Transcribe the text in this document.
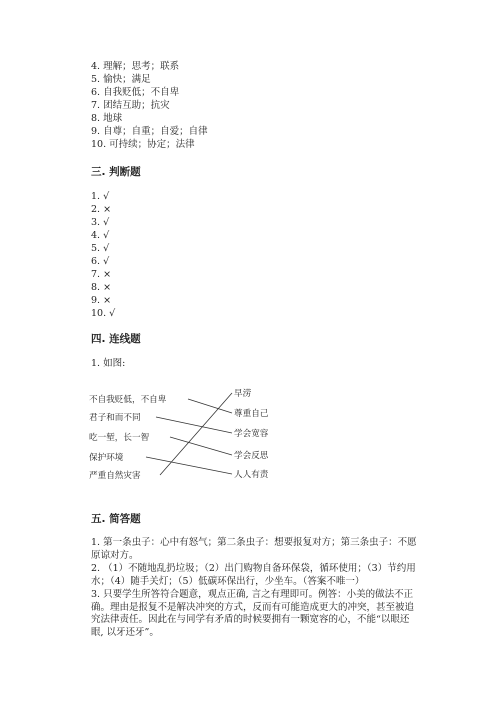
4. 理解；思考；联系
5. 愉快；满足
6. 自我贬低；不自卑
7. 团结互助；抗灾
8. 地球
9. 自尊；自重；自爱；自律
10. 可持续；协定；法律
三. 判断题
1. √
2. ×
3. √
4. √
5. √
6. √
7. ×
8. ×
9. ×
10. √
四. 连线题
1. 如图:
不自我贬低，不自卑
君子和而不同
吃一堑，长一智
保护环境
严重自然灾害
早涝
尊重自己
学会宽容
学会反思
人人有责
五. 简答题
1. 第一条虫子：心中有怒气；第二条虫子：想要报复对方；第三条虫子：不愿
原谅对方。
2. （1）不随地乱扔垃圾；（2）出门购物自备环保袋，循环使用；（3）节约用
水；（4）随手关灯；（5）低碳环保出行，少坐车。（答案不唯一）
3. 只要学生所答符合题意，观点正确, 言之有理即可。例答：小美的做法不正
确。理由是报复不是解决冲突的方式，反而有可能造成更大的冲突，甚至被追
究法律责任。因此在与同学有矛盾的时候要拥有一颗宽容的心，不能“以眼还
眼, 以牙还牙”。
